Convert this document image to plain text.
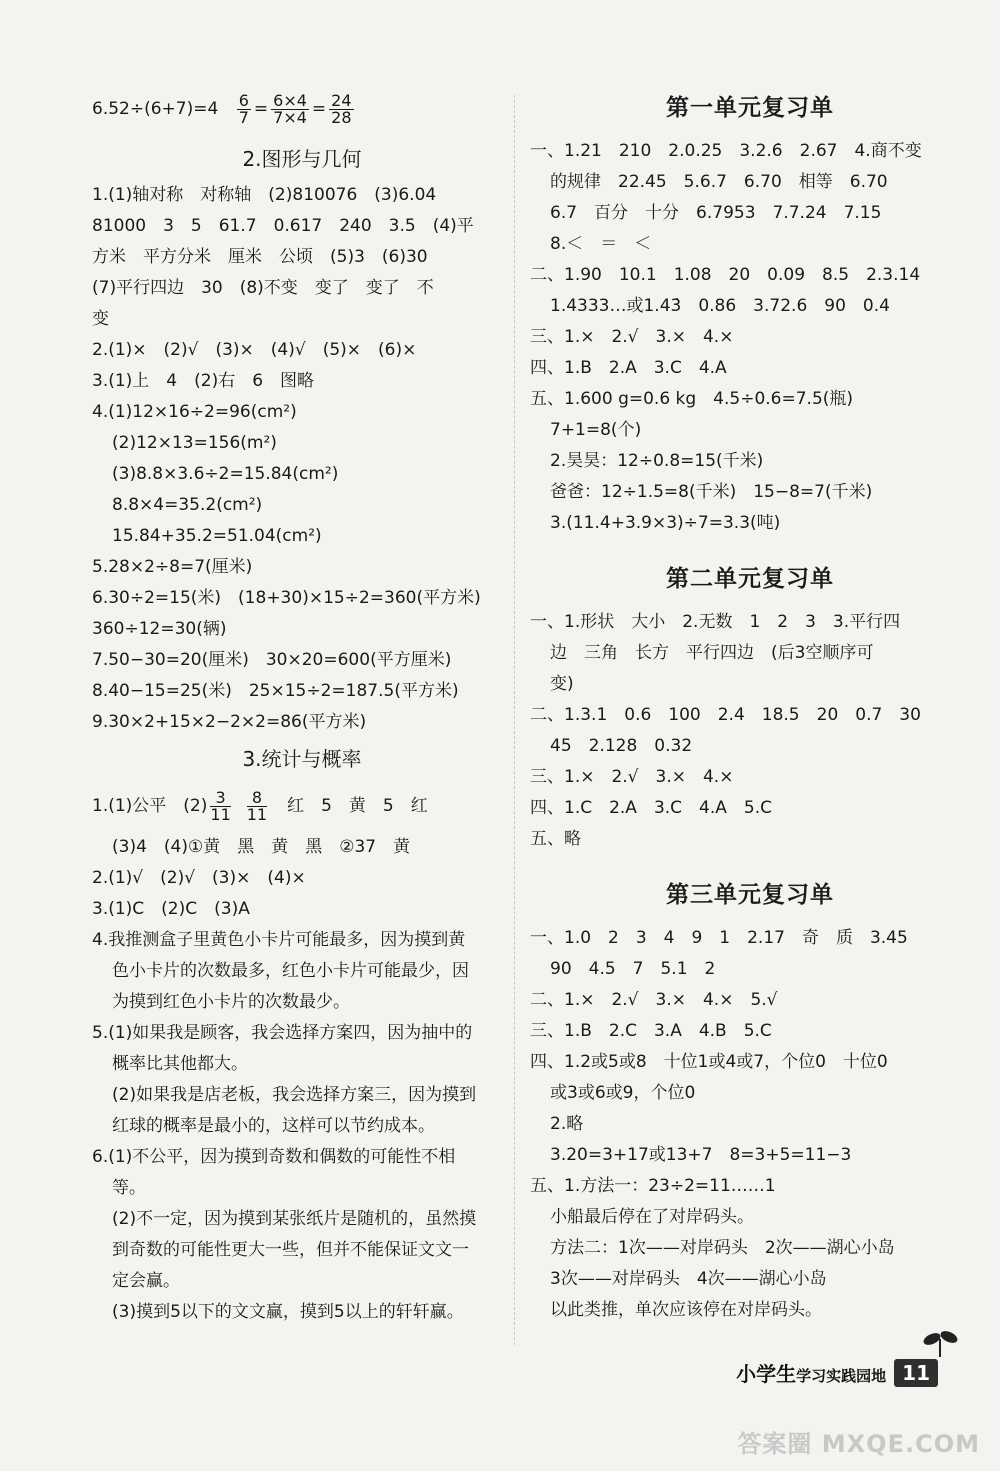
$6.52\div(6+7)=4 \frac{6}{7} = \frac{6\times 4}{7\times 4} = \frac{24}{28}$
2.图形与几何
1.(1)轴对称　对称轴　(2)810076　(3)6.04
81000　3　5　61.7　0.617　240　3.5　(4)平
方米　平方分米　厘米　公顷　(5)3　(6)30
(7)平行四边　30　(8)不变　变了　变了　不
变
2.(1)×　(2)√　(3)×　(4)√　(5)×　(6)×
3.(1)上　4　(2)右　6　图略
4.(1)12×16÷2=96(cm²)
(2)12×13=156(m²)
(3)8.8×3.6÷2=15.84(cm²)
8.8×4=35.2(cm²)
15.84+35.2=51.04(cm²)
5.28×2÷8=7(厘米)
6.30÷2=15(米)　(18+30)×15÷2=360(平方米)
360÷12=30(辆)
7.50−30=20(厘米)　30×20=600(平方厘米)
8.40−15=25(米)　25×15÷2=187.5(平方米)
9.30×2+15×2−2×2=86(平方米)
3.统计与概率
1.(1)公平　$(2) \frac{3}{11} \frac{8}{11}$ 　红　5　黄　5　红
(3)4　(4)①黄　黑　黄　黑　②37　黄
2.(1)√　(2)√　(3)×　(4)×
3.(1)C　(2)C　(3)A
4.我推测盒子里黄色小卡片可能最多，因为摸到黄
色小卡片的次数最多，红色小卡片可能最少，因
为摸到红色小卡片的次数最少。
5.(1)如果我是顾客，我会选择方案四，因为抽中的
概率比其他都大。
(2)如果我是店老板，我会选择方案三，因为摸到
红球的概率是最小的，这样可以节约成本。
6.(1)不公平，因为摸到奇数和偶数的可能性不相
等。
(2)不一定，因为摸到某张纸片是随机的，虽然摸
到奇数的可能性更大一些，但并不能保证文文一
定会赢。
(3)摸到5以下的文文赢，摸到5以上的轩轩赢。
第一单元复习单
一、1.21　210　2.0.25　3.2.6̇　2.67　4.商不变
的规律　22.45　5.6.7　6.70　相等　6.70
6.7　百分　十分　6.7953　7.7.24　7.15
8.＜　＝　＜
二、1.90　10.1　1.08　20　0.09　8.5　2.3.14
1.4333…或1.43̇　0.86　3.72.6　90　0.4
三、1.×　2.√　3.×　4.×
四、1.B　2.A　3.C　4.A
五、1.600 g=0.6 kg　4.5÷0.6=7.5(瓶)
7+1=8(个)
2.昊昊：12÷0.8=15(千米)
爸爸：12÷1.5=8(千米)　15−8=7(千米)
3.(11.4+3.9×3)÷7=3.3(吨)
第二单元复习单
一、1.形状　大小　2.无数　1　2　3　3.平行四
边　三角　长方　平行四边　(后3空顺序可
变)
二、1.3.1　0.6　100　2.4　18.5　20　0.7　30
45　2.128　0.32
三、1.×　2.√　3.×　4.×
四、1.C　2.A　3.C　4.A　5.C
五、略
第三单元复习单
一、1.0　2　3　4　9　1　2.17　奇　质　3.45
90　4.5　7　5.1　2
二、1.×　2.√　3.×　4.×　5.√
三、1.B　2.C　3.A　4.B　5.C
四、1.2或5或8　十位1或4或7，个位0　十位0
或3或6或9，个位0
2.略
3.20=3+17或13+7　8=3+5=11−3
五、1.方法一：23÷2=11……1
小船最后停在了对岸码头。
方法二：1次——对岸码头　2次——湖心小岛
3次——对岸码头　4次——湖心小岛
以此类推，单次应该停在对岸码头。
小学生学习实践园地 11
答案圈 MXQE.COM
